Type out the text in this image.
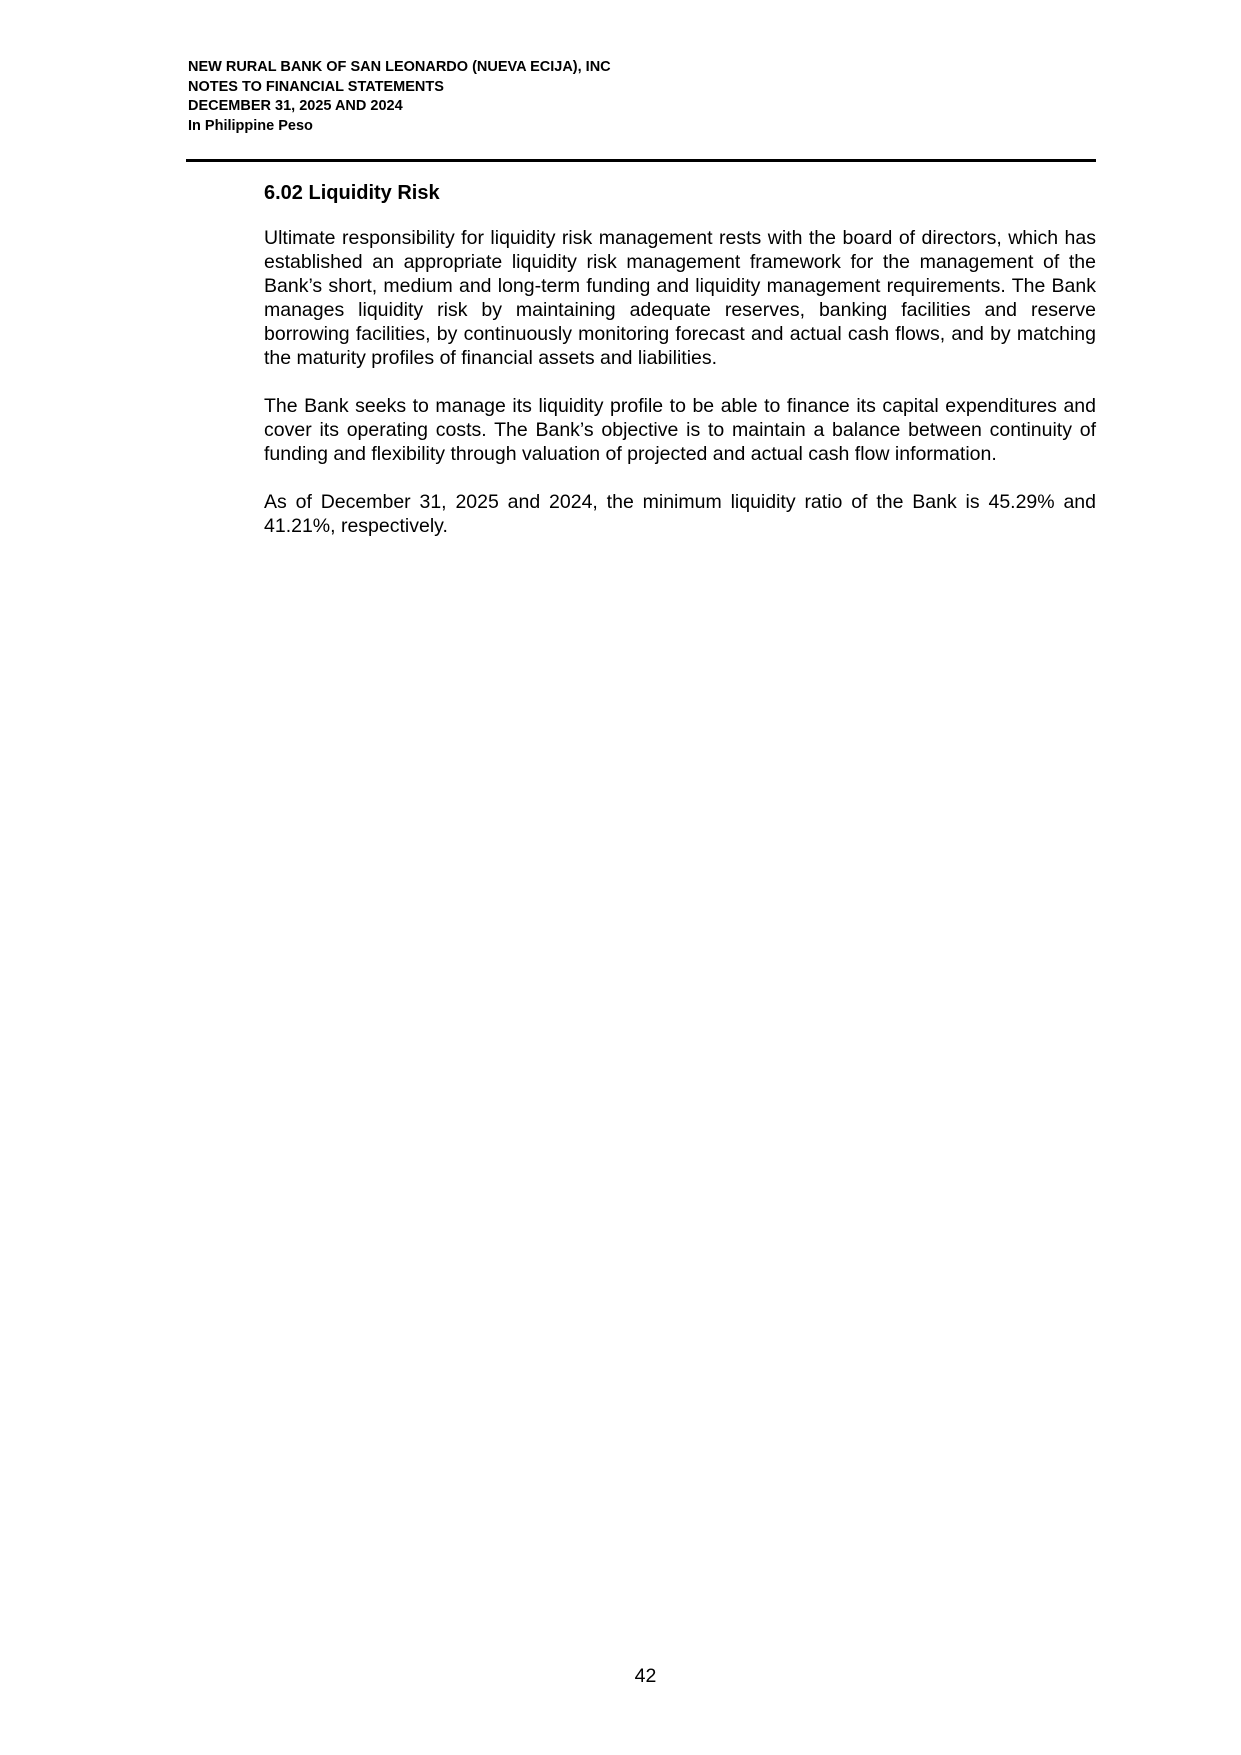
NEW RURAL BANK OF SAN LEONARDO (NUEVA ECIJA), INC
NOTES TO FINANCIAL STATEMENTS
DECEMBER 31, 2025 AND 2024
In Philippine Peso
6.02 Liquidity Risk

Ultimate responsibility for liquidity risk management rests with the board of directors, which has established an appropriate liquidity risk management framework for the management of the Bank’s short, medium and long-term funding and liquidity management requirements. The Bank manages liquidity risk by maintaining adequate reserves, banking facilities and reserve borrowing facilities, by continuously monitoring forecast and actual cash flows, and by matching the maturity profiles of financial assets and liabilities.

The Bank seeks to manage its liquidity profile to be able to finance its capital expenditures and cover its operating costs. The Bank’s objective is to maintain a balance between continuity of funding and flexibility through valuation of projected and actual cash flow information.

As of December 31, 2025 and 2024, the minimum liquidity ratio of the Bank is 45.29% and 41.21%, respectively.

42
